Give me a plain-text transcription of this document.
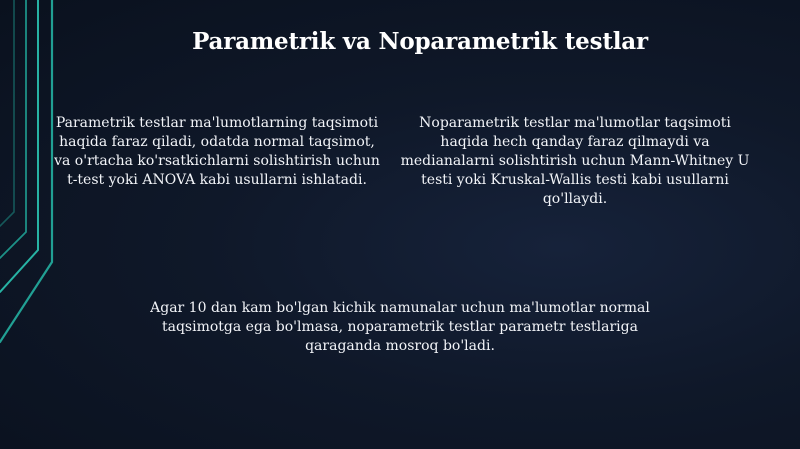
Parametrik va Noparametrik testlar

Parametrik testlar ma'lumotlarning taqsimoti haqida faraz qiladi, odatda normal taqsimot, va o'rtacha ko'rsatkichlarni solishtirish uchun t-test yoki ANOVA kabi usullarni ishlatadi.

Noparametrik testlar ma'lumotlar taqsimoti haqida hech qanday faraz qilmaydi va medianalarni solishtirish uchun Mann-Whitney U testi yoki Kruskal-Wallis testi kabi usullarni qo'llaydi.

Agar 10 dan kam bo'lgan kichik namunalar uchun ma'lumotlar normal taqsimotga ega bo'lmasa, noparametrik testlar parametr testlariga qaraganda mosroq bo'ladi.
